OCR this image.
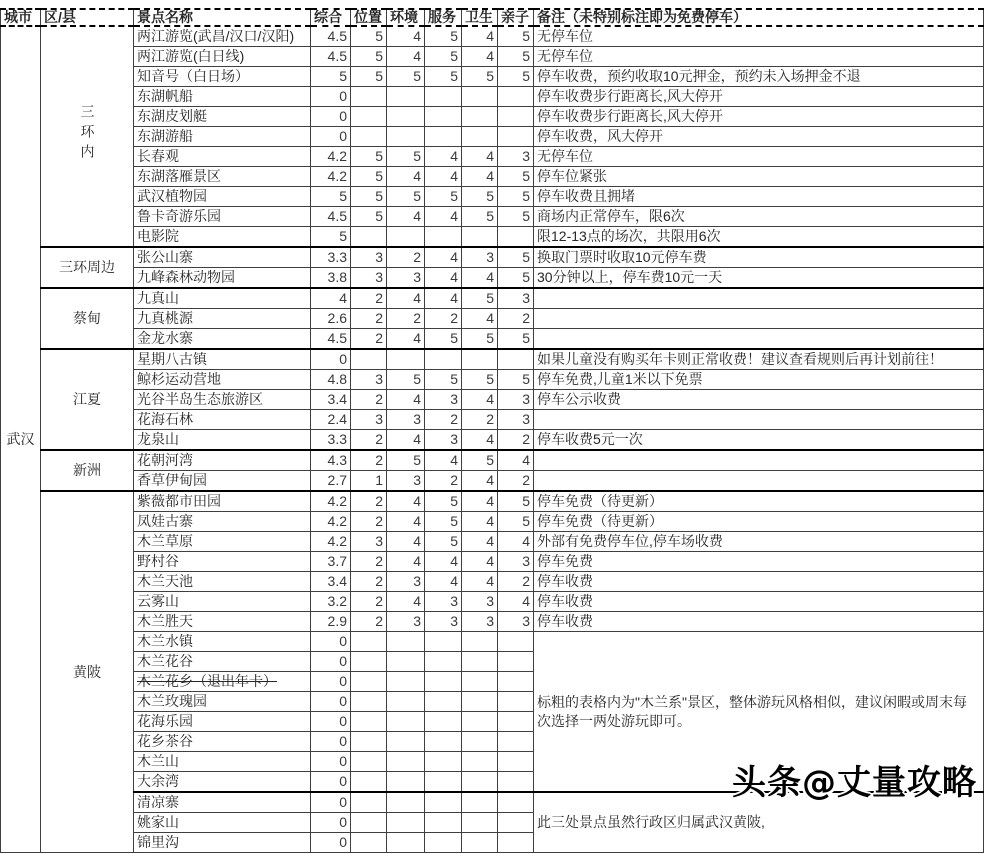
城市	区/县	景点名称	综合	位置	环境	服务	卫生	亲子	备注（未特别标注即为免费停车）
武汉	三环内	两江游览(武昌/汉口/汉阳)	4.5	5	4	5	4	5	无停车位
		两江游览(白日线)	4.5	5	4	5	4	5	无停车位
		知音号（白日场）	5	5	5	5	5	5	停车收费，预约收取10元押金，预约未入场押金不退
		东湖帆船	0						停车收费步行距离长,风大停开
		东湖皮划艇	0						停车收费步行距离长,风大停开
		东湖游船	0						停车收费，风大停开
		长春观	4.2	5	5	4	4	3	无停车位
		东湖落雁景区	4.2	5	4	4	4	5	停车位紧张
		武汉植物园	5	5	5	5	5	5	停车收费且拥堵
		鲁卡奇游乐园	4.5	5	4	4	5	5	商场内正常停车，限6次
		电影院	5						限12-13点的场次，共限用6次
	三环周边	张公山寨	3.3	3	2	4	3	5	换取门票时收取10元停车费
		九峰森林动物园	3.8	3	3	4	4	5	30分钟以上，停车费10元一天
	蔡甸	九真山	4	2	4	4	5	3	
		九真桃源	2.6	2	2	2	4	2	
		金龙水寨	4.5	2	4	5	5	5	
	江夏	星期八古镇	0						如果儿童没有购买年卡则正常收费！建议查看规则后再计划前往！
		鲸杉运动营地	4.8	3	5	5	5	5	停车免费,儿童1米以下免票
		光谷半岛生态旅游区	3.4	2	4	3	4	3	停车公示收费
		花海石林	2.4	3	3	2	2	3	
		龙泉山	3.3	2	4	3	4	2	停车收费5元一次
	新洲	花朝河湾	4.3	2	5	4	5	4	
		香草伊甸园	2.7	1	3	2	4	2	
	黄陂	紫薇都市田园	4.2	2	4	5	4	5	停车免费（待更新）
		凤娃古寨	4.2	2	4	5	4	5	停车免费（待更新）
		木兰草原	4.2	3	4	5	4	4	外部有免费停车位,停车场收费
		野村谷	3.7	2	4	4	4	3	停车免费
		木兰天池	3.4	2	3	4	4	2	停车收费
		云雾山	3.2	2	4	3	3	4	停车收费
		木兰胜天	2.9	2	3	3	3	3	停车收费
		木兰水镇	0						标粗的表格内为"木兰系"景区，整体游玩风格相似，建议闲暇或周末每次选择一两处游玩即可。
		木兰花谷	0						
		木兰花乡（退出年卡）	0						
		木兰玫瑰园	0						
		花海乐园	0						
		花乡茶谷	0						
		木兰山	0						
		大余湾	0						
		清凉寨	0						此三处景点虽然行政区归属武汉黄陂,
		姚家山	0						
		锦里沟	0						
头条@丈量攻略
